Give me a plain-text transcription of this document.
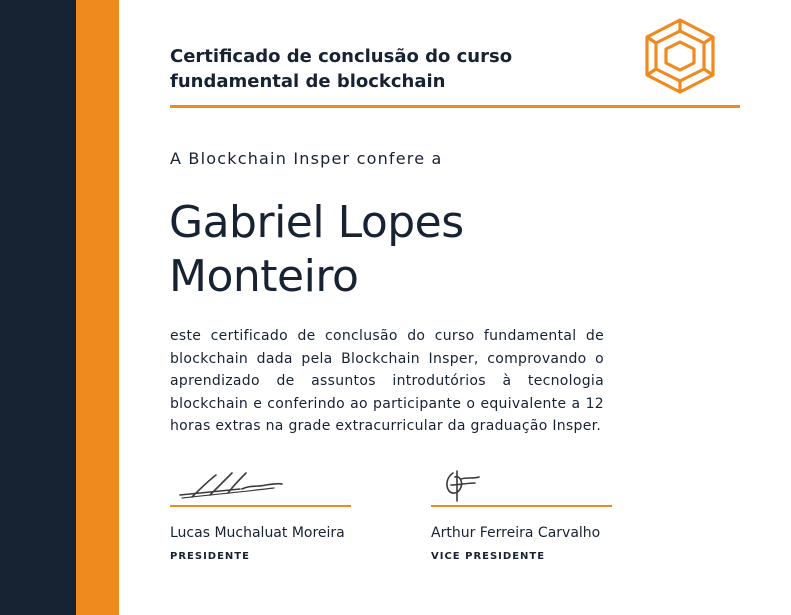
Certificado de conclusão do curso
fundamental de blockchain
A Blockchain Insper confere a
Gabriel Lopes
Monteiro

este certificado de conclusão do curso fundamental de blockchain dada pela Blockchain Insper, comprovando o aprendizado de assuntos introdutórios à tecnologia blockchain e conferindo ao participante o equivalente a 12 horas extras na grade extracurricular da graduação Insper.

Lucas Muchaluat Moreira
PRESIDENTE
Arthur Ferreira Carvalho
VICE PRESIDENTE
